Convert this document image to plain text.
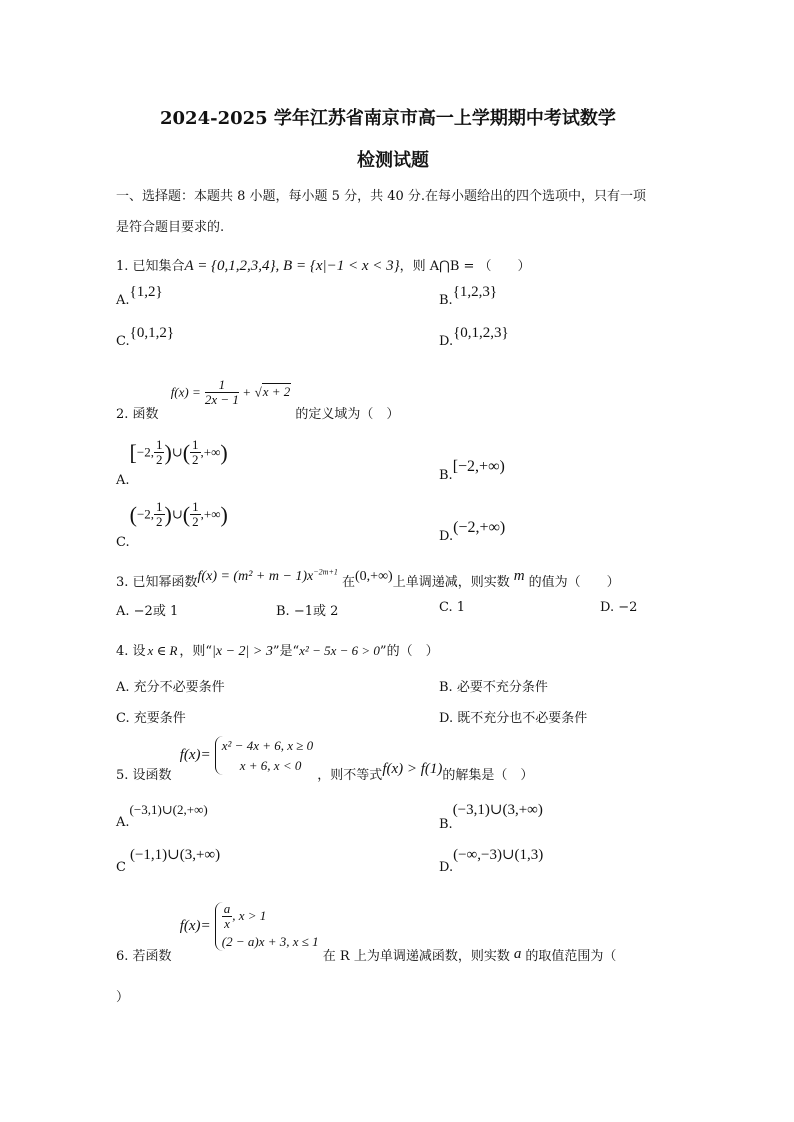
2024-2025 学年江苏省南京市高一上学期期中考试数学
检测试题
一、选择题：本题共 8 小题，每小题 5 分，共 40 分.在每小题给出的四个选项中，只有一项
是符合题目要求的.
1. 已知集合A = {0,1,2,3,4}, B = {x|−1 < x < 3}，则 A⋂B = （　　）
A.{1,2}
B.{1,2,3}
C.{0,1,2}
D.{0,1,2,3}
2. 函数 $f(x) = \frac{1}{2x - 1} + √x + 2$ 的定义域为（　）
A.[−2, $\frac{1}{2}$ )∪( $\frac{1}{2}$ ,+∞)
B.[−2,+∞)
C.(−2, $\frac{1}{2}$ )∪( $\frac{1}{2}$ ,+∞)
D.(−2,+∞)
3. 已知幂函数$f(x) = (m^2 + m - 1)x^{-2m+1}$ 在(0,+∞)上单调递减，则实数 m 的值为（　　）
A. −2或 1	B. −1或 2	C. 1	D. −2
4. 设 x ∈ R ，则“|x − 2| > 3”是“x² − 5x − 6 > 0”的（　）
A. 充分不必要条件	B. 必要不充分条件
C. 充要条件	D. 既不充分也不必要条件
5. 设函数 f(x)=
x² − 4x + 6, x ≥ 0
x + 6, x < 0
，则不等式f(x) > f(1)的解集是（　）
A.(−3,1)∪(2,+∞)
B.(−3,1)∪(3,+∞)
C(−1,1)∪(3,+∞)
D.(−∞,−3)∪(1,3)
6. 若函数 $f(x)= \frac{a}{x}$ , x > 1
(2 − a)x + 3, x ≤ 1
在 R 上为单调递减函数，则实数 a 的取值范围为（
）
